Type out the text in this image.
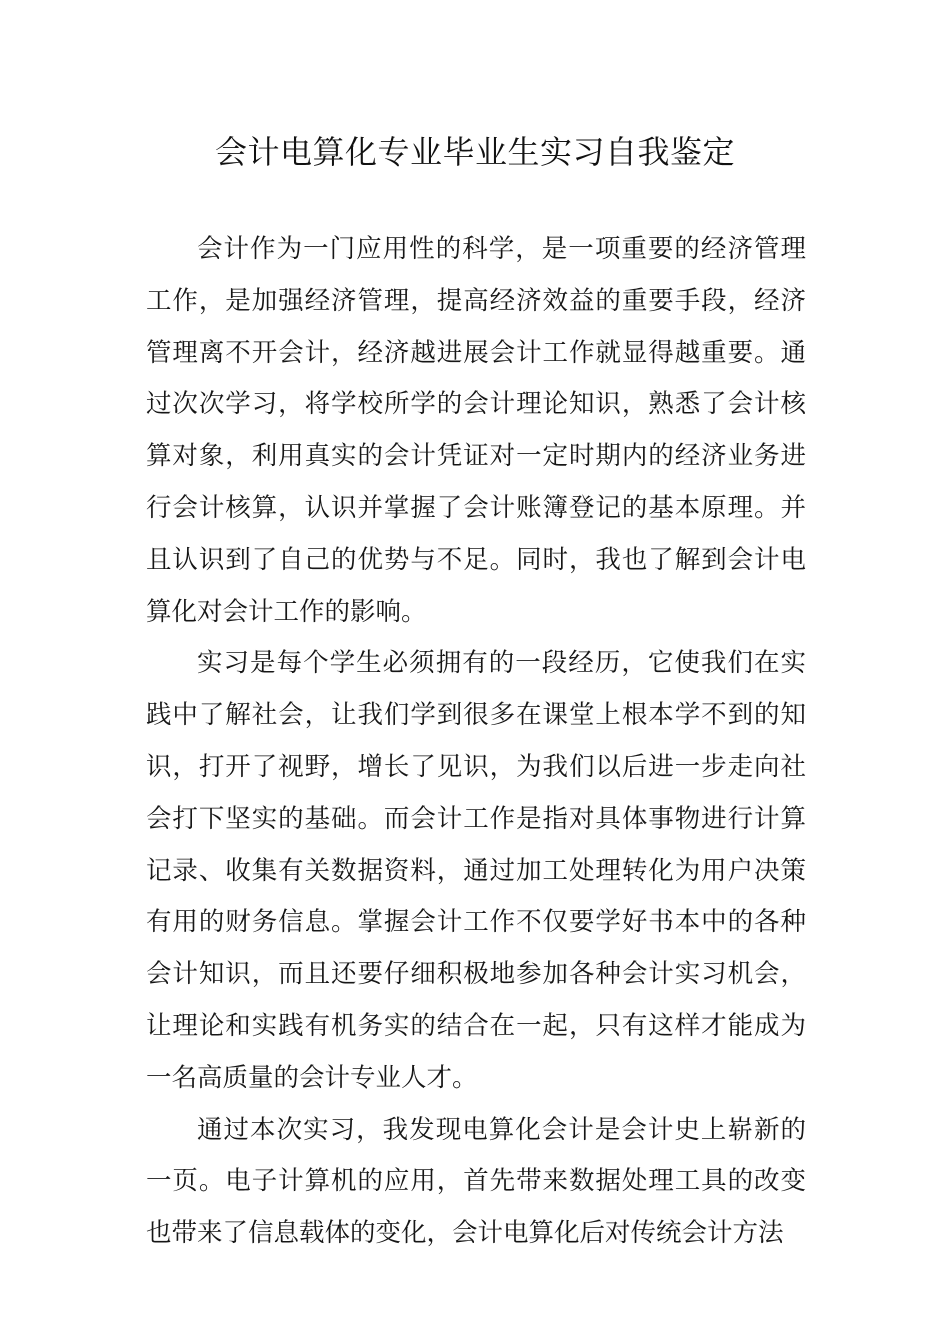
会计电算化专业毕业生实习自我鉴定

会计作为一门应用性的科学，是一项重要的经济管理工作，是加强经济管理，提高经济效益的重要手段，经济管理离不开会计，经济越进展会计工作就显得越重要。通过次次学习，将学校所学的会计理论知识，熟悉了会计核算对象，利用真实的会计凭证对一定时期内的经济业务进行会计核算，认识并掌握了会计账簿登记的基本原理。并且认识到了自己的优势与不足。同时，我也了解到会计电算化对会计工作的影响。

实习是每个学生必须拥有的一段经历，它使我们在实践中了解社会，让我们学到很多在课堂上根本学不到的知识，打开了视野，增长了见识，为我们以后进一步走向社会打下坚实的基础。而会计工作是指对具体事物进行计算记录、收集有关数据资料，通过加工处理转化为用户决策有用的财务信息。掌握会计工作不仅要学好书本中的各种会计知识，而且还要仔细积极地参加各种会计实习机会，让理论和实践有机务实的结合在一起，只有这样才能成为一名高质量的会计专业人才。

通过本次实习，我发现电算化会计是会计史上崭新的一页。电子计算机的应用，首先带来数据处理工具的改变也带来了信息载体的变化，会计电算化后对传统会计方法
